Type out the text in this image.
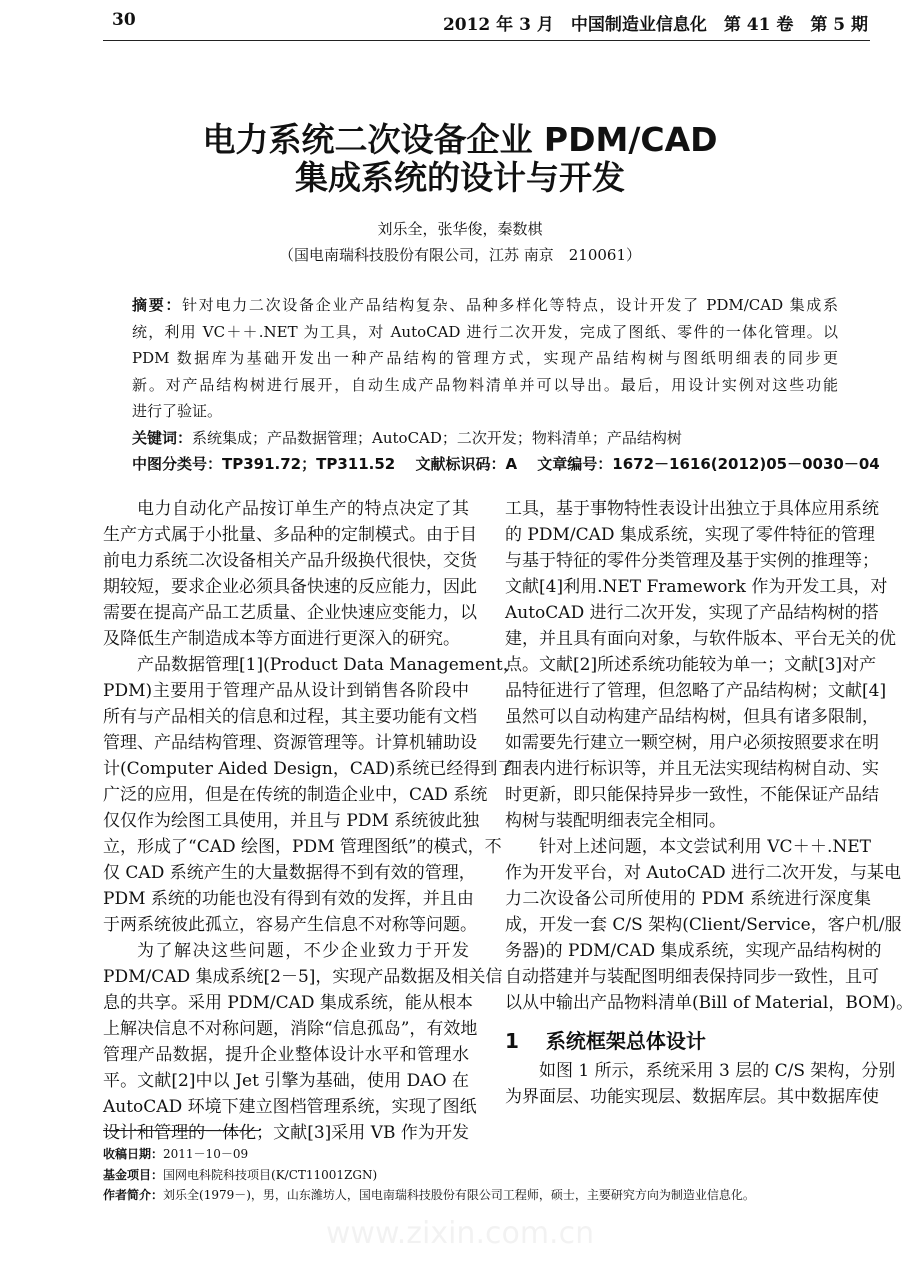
30	2012 年 3 月　中国制造业信息化　第 41 卷　第 5 期
电力系统二次设备企业 PDM/CAD
集成系统的设计与开发
刘乐全，张华俊，秦数棋
（国电南瑞科技股份有限公司，江苏 南京　210061）
摘要：针对电力二次设备企业产品结构复杂、品种多样化等特点，设计开发了 PDM/CAD 集成系
统，利用 VC＋＋.NET 为工具，对 AutoCAD 进行二次开发，完成了图纸、零件的一体化管理。以
PDM 数据库为基础开发出一种产品结构的管理方式，实现产品结构树与图纸明细表的同步更
新。对产品结构树进行展开，自动生成产品物料清单并可以导出。最后，用设计实例对这些功能
进行了验证。
关键词：系统集成；产品数据管理；AutoCAD；二次开发；物料清单；产品结构树
中图分类号：TP391.72；TP311.52　 文献标识码：A　 文章编号：1672－1616(2012)05－0030－04
电力自动化产品按订单生产的特点决定了其
生产方式属于小批量、多品种的定制模式。由于目
前电力系统二次设备相关产品升级换代很快，交货
期较短，要求企业必须具备快速的反应能力，因此
需要在提高产品工艺质量、企业快速应变能力，以
及降低生产制造成本等方面进行更深入的研究。
产品数据管理[1](Product Data Management，
PDM)主要用于管理产品从设计到销售各阶段中
所有与产品相关的信息和过程，其主要功能有文档
管理、产品结构管理、资源管理等。计算机辅助设
计(Computer Aided Design，CAD)系统已经得到了
广泛的应用，但是在传统的制造企业中，CAD 系统
仅仅作为绘图工具使用，并且与 PDM 系统彼此独
立，形成了“CAD 绘图，PDM 管理图纸”的模式，不
仅 CAD 系统产生的大量数据得不到有效的管理，
PDM 系统的功能也没有得到有效的发挥，并且由
于两系统彼此孤立，容易产生信息不对称等问题。
为了解决这些问题，不少企业致力于开发
PDM/CAD 集成系统[2－5]，实现产品数据及相关信
息的共享。采用 PDM/CAD 集成系统，能从根本
上解决信息不对称问题，消除“信息孤岛”，有效地
管理产品数据，提升企业整体设计水平和管理水
平。文献[2]中以 Jet 引擎为基础，使用 DAO 在
AutoCAD 环境下建立图档管理系统，实现了图纸
设计和管理的一体化；文献[3]采用 VB 作为开发
工具，基于事物特性表设计出独立于具体应用系统
的 PDM/CAD 集成系统，实现了零件特征的管理
与基于特征的零件分类管理及基于实例的推理等；
文献[4]利用.NET Framework 作为开发工具，对
AutoCAD 进行二次开发，实现了产品结构树的搭
建，并且具有面向对象，与软件版本、平台无关的优
点。文献[2]所述系统功能较为单一；文献[3]对产
品特征进行了管理，但忽略了产品结构树；文献[4]
虽然可以自动构建产品结构树，但具有诸多限制，
如需要先行建立一颗空树，用户必须按照要求在明
细表内进行标识等，并且无法实现结构树自动、实
时更新，即只能保持异步一致性，不能保证产品结
构树与装配明细表完全相同。
针对上述问题，本文尝试利用 VC＋＋.NET
作为开发平台，对 AutoCAD 进行二次开发，与某电
力二次设备公司所使用的 PDM 系统进行深度集
成，开发一套 C/S 架构(Client/Service，客户机/服
务器)的 PDM/CAD 集成系统，实现产品结构树的
自动搭建并与装配图明细表保持同步一致性，且可
以从中输出产品物料清单(Bill of Material，BOM)。
1　 系统框架总体设计
如图 1 所示，系统采用 3 层的 C/S 架构，分别
为界面层、功能实现层、数据库层。其中数据库使
收稿日期：2011－10－09
基金项目：国网电科院科技项目(K/CT11001ZGN)
作者简介：刘乐全(1979－)，男，山东潍坊人，国电南瑞科技股份有限公司工程师，硕士，主要研究方向为制造业信息化。
www.zixin.com.cn
